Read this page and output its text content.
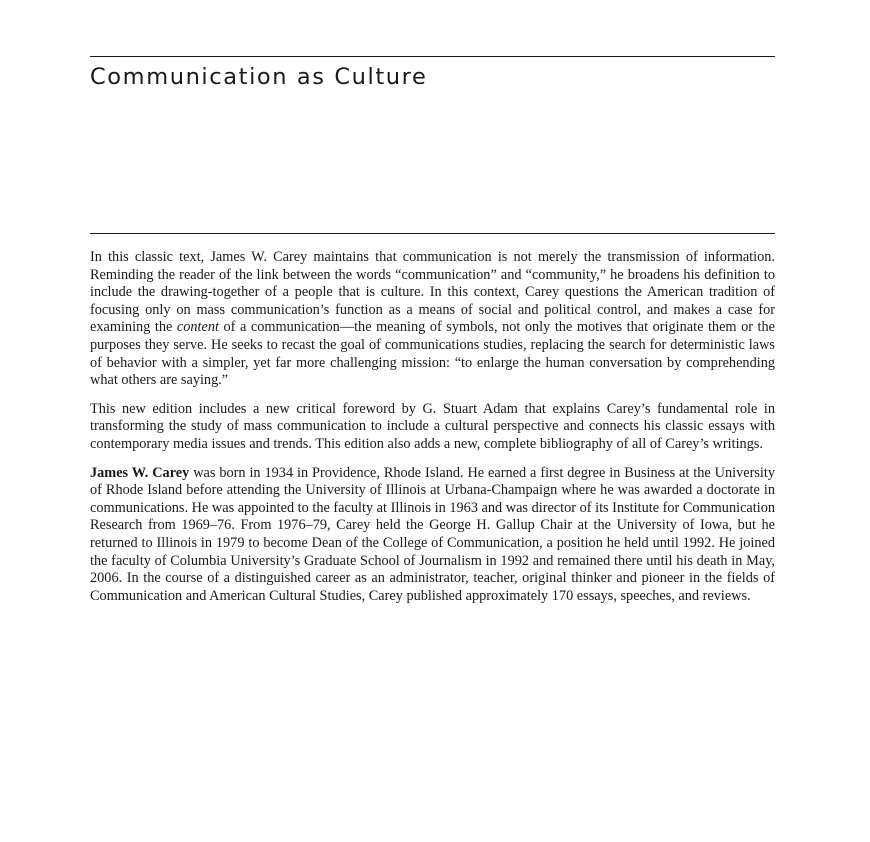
Communication as Culture

In this classic text, James W. Carey maintains that communication is not merely the transmission of information. Reminding the reader of the link between the words “communication” and “community,” he broadens his definition to include the drawing-together of a people that is culture. In this context, Carey questions the American tradition of focusing only on mass communication’s function as a means of social and political control, and makes a case for examining the content of a communication—the meaning of symbols, not only the motives that originate them or the purposes they serve. He seeks to recast the goal of communications studies, replacing the search for deterministic laws of behavior with a simpler, yet far more challenging mission: “to enlarge the human conversation by comprehending what others are saying.”

This new edition includes a new critical foreword by G. Stuart Adam that explains Carey’s fundamental role in transforming the study of mass communication to include a cultural perspective and connects his classic essays with contemporary media issues and trends. This edition also adds a new, complete bibliography of all of Carey’s writings.

James W. Carey was born in 1934 in Providence, Rhode Island. He earned a first degree in Business at the University of Rhode Island before attending the University of Illinois at Urbana-Champaign where he was awarded a doctorate in communications. He was appointed to the faculty at Illinois in 1963 and was director of its Institute for Communication Research from 1969–76. From 1976–79, Carey held the George H. Gallup Chair at the University of Iowa, but he returned to Illinois in 1979 to become Dean of the College of Communication, a position he held until 1992. He joined the faculty of Columbia University’s Graduate School of Journalism in 1992 and remained there until his death in May, 2006. In the course of a distinguished career as an administrator, teacher, original thinker and pioneer in the fields of Communication and American Cultural Studies, Carey published approximately 170 essays, speeches, and reviews.
